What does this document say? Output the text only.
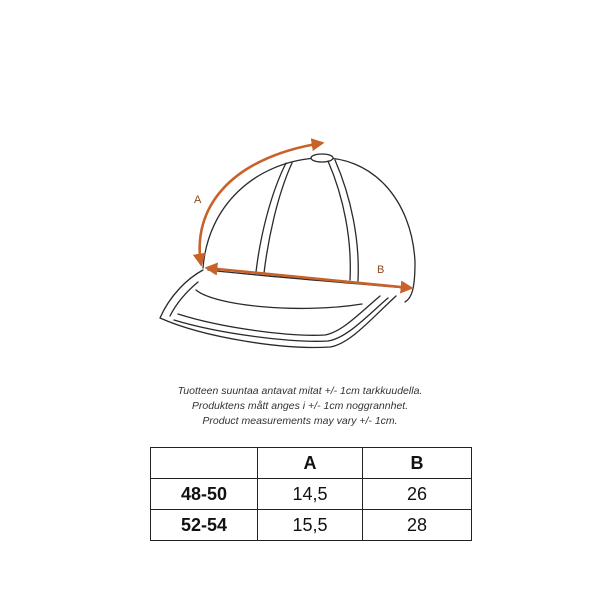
A
B
Tuotteen suuntaa antavat mitat +/- 1cm tarkkuudella.
Produktens mått anges i +/- 1cm noggrannhet.
Product measurements may vary +/- 1cm.
	A	B
48-50	14,5	26
52-54	15,5	28
